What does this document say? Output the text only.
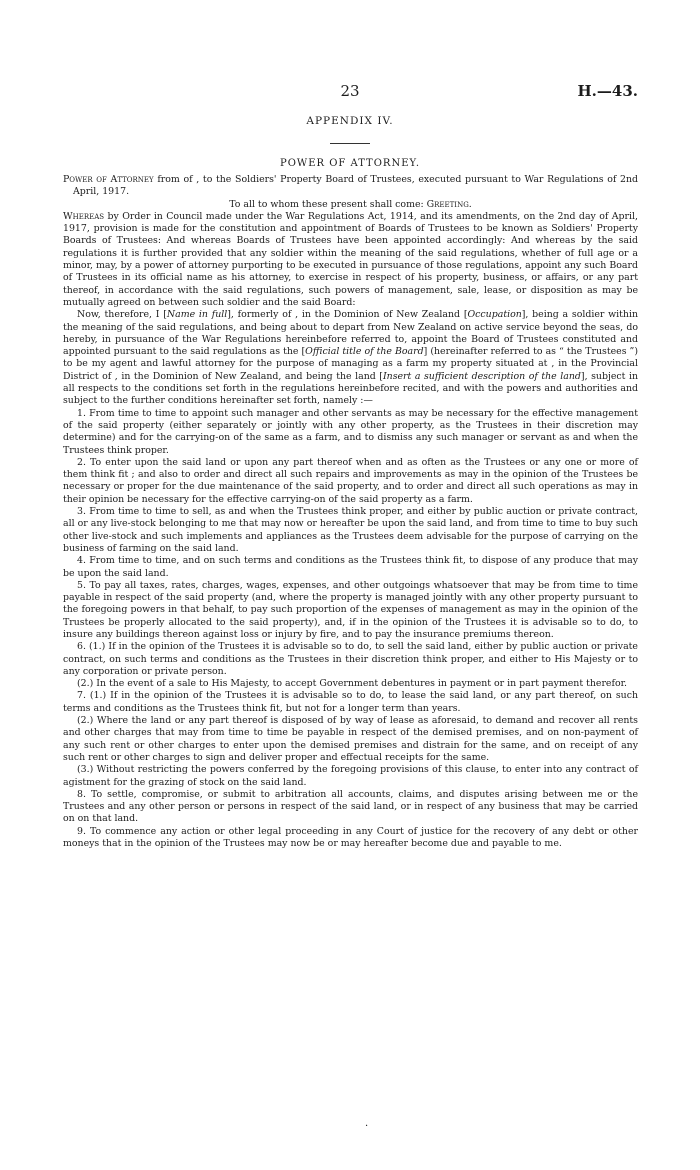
23	H.—43.
APPENDIX IV.
POWER OF ATTORNEY.

Power of Attorney from of , to the Soldiers' Property Board of Trustees, executed pursuant to War Regulations of 2nd April, 1917.

To all to whom these present shall come: Greeting.

Whereas by Order in Council made under the War Regulations Act, 1914, and its amendments, on the 2nd day of April, 1917, provision is made for the constitution and appointment of Boards of Trustees to be known as Soldiers' Property Boards of Trustees: And whereas Boards of Trustees have been appointed accordingly: And whereas by the said regulations it is further provided that any soldier within the meaning of the said regulations, whether of full age or a minor, may, by a power of attorney purporting to be executed in pursuance of those regulations, appoint any such Board of Trustees in its official name as his attorney, to exercise in respect of his property, business, or affairs, or any part thereof, in accordance with the said regulations, such powers of management, sale, lease, or disposition as may be mutually agreed on between such soldier and the said Board:

Now, therefore, I [Name in full], formerly of , in the Dominion of New Zealand [Occupation], being a soldier within the meaning of the said regulations, and being about to depart from New Zealand on active service beyond the seas, do hereby, in pursuance of the War Regulations hereinbefore referred to, appoint the Board of Trustees constituted and appointed pursuant to the said regulations as the [Official title of the Board] (hereinafter referred to as “ the Trustees ”) to be my agent and lawful attorney for the purpose of managing as a farm my property situated at , in the Provincial District of , in the Dominion of New Zealand, and being the land [Insert a sufficient description of the land], subject in all respects to the conditions set forth in the regulations hereinbefore recited, and with the powers and authorities and subject to the further conditions hereinafter set forth, namely :—

1. From time to time to appoint such manager and other servants as may be necessary for the effective management of the said property (either separately or jointly with any other property, as the Trustees in their discretion may determine) and for the carrying-on of the same as a farm, and to dismiss any such manager or servant as and when the Trustees think proper.

2. To enter upon the said land or upon any part thereof when and as often as the Trustees or any one or more of them think fit ; and also to order and direct all such repairs and improvements as may in the opinion of the Trustees be necessary or proper for the due maintenance of the said property, and to order and direct all such operations as may in their opinion be necessary for the effective carrying-on of the said property as a farm.

3. From time to time to sell, as and when the Trustees think proper, and either by public auction or private contract, all or any live-stock belonging to me that may now or hereafter be upon the said land, and from time to time to buy such other live-stock and such implements and appliances as the Trustees deem advisable for the purpose of carrying on the business of farming on the said land.

4. From time to time, and on such terms and conditions as the Trustees think fit, to dispose of any produce that may be upon the said land.

5. To pay all taxes, rates, charges, wages, expenses, and other outgoings whatsoever that may be from time to time payable in respect of the said property (and, where the property is managed jointly with any other property pursuant to the foregoing powers in that behalf, to pay such proportion of the expenses of management as may in the opinion of the Trustees be properly allocated to the said property), and, if in the opinion of the Trustees it is advisable so to do, to insure any buildings thereon against loss or injury by fire, and to pay the insurance premiums thereon.

6. (1.) If in the opinion of the Trustees it is advisable so to do, to sell the said land, either by public auction or private contract, on such terms and conditions as the Trustees in their discretion think proper, and either to His Majesty or to any corporation or private person.

(2.) In the event of a sale to His Majesty, to accept Government debentures in payment or in part payment therefor.

7. (1.) If in the opinion of the Trustees it is advisable so to do, to lease the said land, or any part thereof, on such terms and conditions as the Trustees think fit, but not for a longer term than years.

(2.) Where the land or any part thereof is disposed of by way of lease as aforesaid, to demand and recover all rents and other charges that may from time to time be payable in respect of the demised premises, and on non-payment of any such rent or other charges to enter upon the demised premises and distrain for the same, and on receipt of any such rent or other charges to sign and deliver proper and effectual receipts for the same.

(3.) Without restricting the powers conferred by the foregoing provisions of this clause, to enter into any contract of agistment for the grazing of stock on the said land.

8. To settle, compromise, or submit to arbitration all accounts, claims, and disputes arising between me or the Trustees and any other person or persons in respect of the said land, or in respect of any business that may be carried on on that land.

9. To commence any action or other legal proceeding in any Court of justice for the recovery of any debt or other moneys that in the opinion of the Trustees may now be or may hereafter become due and payable to me.

·
